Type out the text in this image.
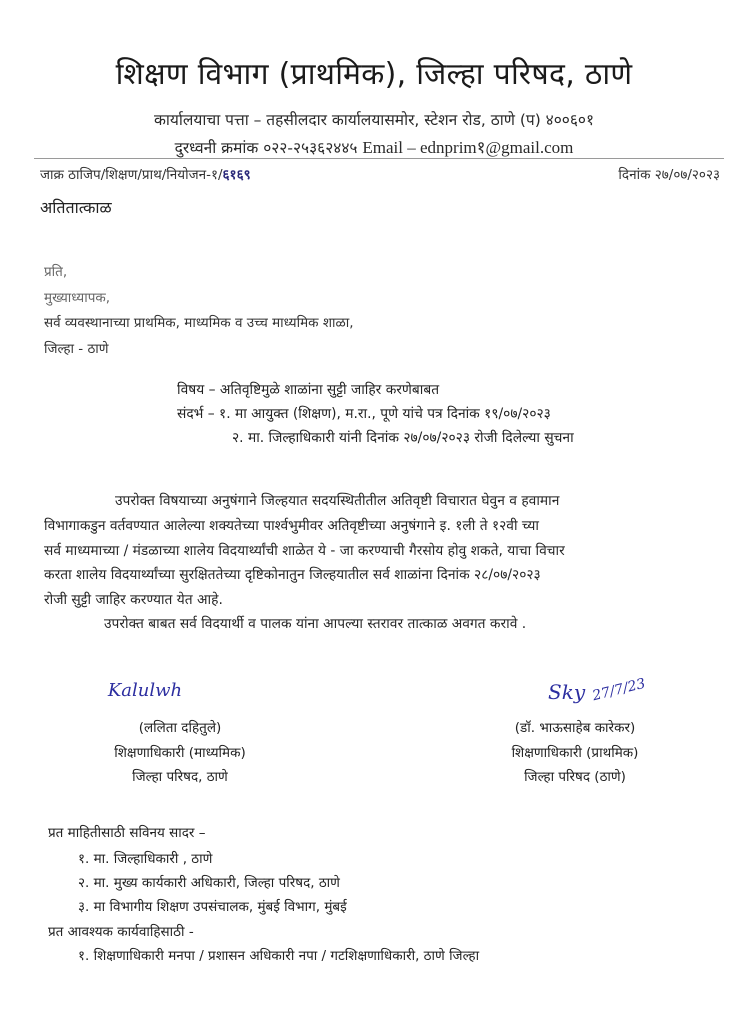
शिक्षण विभाग (प्राथमिक), जिल्हा परिषद, ठाणे
कार्यालयाचा पत्ता – तहसीलदार कार्यालयासमोर, स्टेशन रोड, ठाणे (प) ४००६०१
दुरध्वनी क्रमांक ०२२-२५३६२४४५ Email – ednprim१@gmail.com
जाक्र ठाजिप/शिक्षण/प्राथ/नियोजन-१/६१६९	दिनांक २७/०७/२०२३
अतितात्काळ
प्रति,
मुख्याध्यापक,
सर्व व्यवस्थानाच्या प्राथमिक, माध्यमिक व उच्च माध्यमिक शाळा,
जिल्हा - ठाणे
विषय – अतिवृष्टिमुळे शाळांना सुट्टी जाहिर करणेबाबत
संदर्भ – १. मा आयुक्त (शिक्षण), म.रा., पूणे यांचे पत्र दिनांक १९/०७/२०२३
२. मा. जिल्हाधिकारी यांनी दिनांक २७/०७/२०२३ रोजी दिलेल्या सुचना
उपरोक्त विषयाच्या अनुषंगाने जिल्हयात सदयस्थितीतील अतिवृष्टी विचारात घेवुन व हवामान
विभागाकडुन वर्तवण्यात आलेल्या शक्यतेच्या पार्श्वभुमीवर अतिवृष्टीच्या अनुषंगाने इ. १ली ते १२वी च्या
सर्व माध्यमाच्या / मंडळाच्या शालेय विदयार्थ्यांची शाळेत ये - जा करण्याची गैरसोय होवु शकते, याचा विचार
करता शालेय विदयार्थ्यांच्या सुरक्षिततेच्या दृष्टिकोनातुन जिल्हयातील सर्व शाळांना दिनांक २८/०७/२०२३
रोजी सुट्टी जाहिर करण्यात येत आहे.
उपरोक्त बाबत सर्व विदयार्थी व पालक यांना आपल्या स्तरावर तात्काळ अवगत करावे .
Kalulwh
(ललिता दहितुले)
शिक्षणाधिकारी (माध्यमिक)
जिल्हा परिषद, ठाणे
Sky 27/7/23
(डॉ. भाऊसाहेब कारेकर)
शिक्षणाधिकारी (प्राथमिक)
जिल्हा परिषद (ठाणे)
प्रत माहितीसाठी सविनय सादर –
१. मा. जिल्हाधिकारी , ठाणे
२. मा. मुख्य कार्यकारी अधिकारी, जिल्हा परिषद, ठाणे
३. मा विभागीय शिक्षण उपसंचालक, मुंबई विभाग, मुंबई
प्रत आवश्यक कार्यवाहिसाठी -
१. शिक्षणाधिकारी मनपा / प्रशासन अधिकारी नपा / गटशिक्षणाधिकारी, ठाणे जिल्हा
